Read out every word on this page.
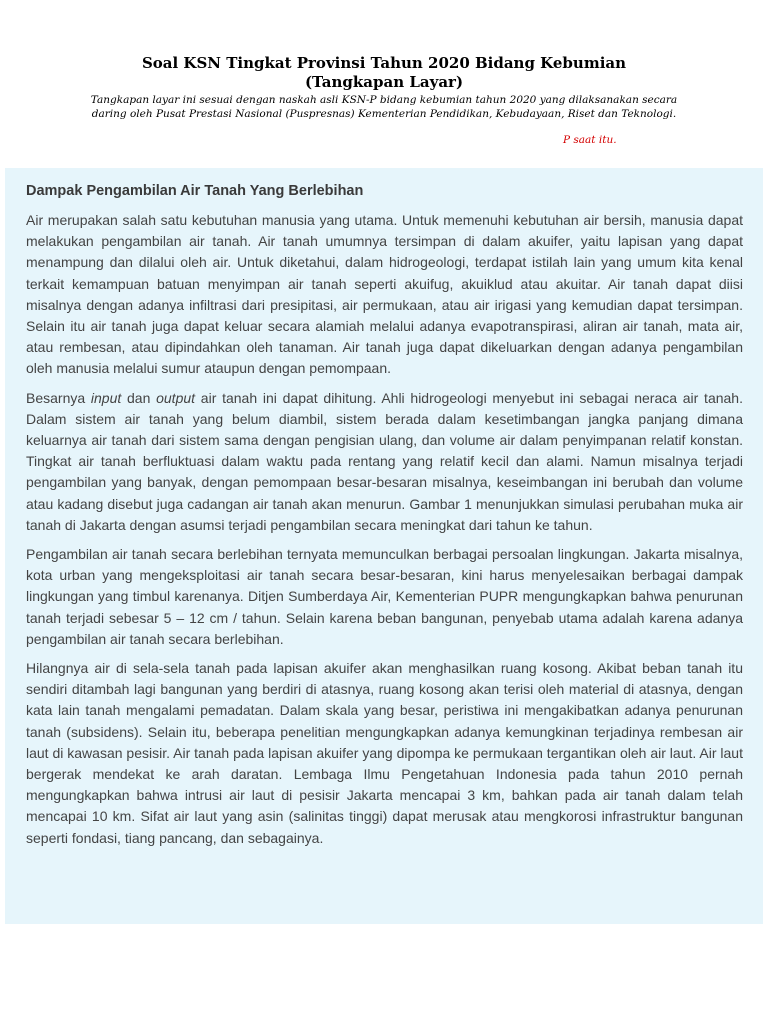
Soal KSN Tingkat Provinsi Tahun 2020 Bidang Kebumian
(Tangkapan Layar)
Tangkapan layar ini sesuai dengan naskah asli KSN-P bidang kebumian tahun 2020 yang dilaksanakan secara
daring oleh Pusat Prestasi Nasional (Puspresnas) Kementerian Pendidikan, Kebudayaan, Riset dan Teknologi.
P saat itu.
Dampak Pengambilan Air Tanah Yang Berlebihan

Air merupakan salah satu kebutuhan manusia yang utama. Untuk memenuhi kebutuhan air bersih, manusia dapat melakukan pengambilan air tanah. Air tanah umumnya tersimpan di dalam akuifer, yaitu lapisan yang dapat menampung dan dilalui oleh air. Untuk diketahui, dalam hidrogeologi, terdapat istilah lain yang umum kita kenal terkait kemampuan batuan menyimpan air tanah seperti akuifug, akuiklud atau akuitar. Air tanah dapat diisi misalnya dengan adanya infiltrasi dari presipitasi, air permukaan, atau air irigasi yang kemudian dapat tersimpan. Selain itu air tanah juga dapat keluar secara alamiah melalui adanya evapotranspirasi, aliran air tanah, mata air, atau rembesan, atau dipindahkan oleh tanaman. Air tanah juga dapat dikeluarkan dengan adanya pengambilan oleh manusia melalui sumur ataupun dengan pemompaan.

Besarnya input dan output air tanah ini dapat dihitung. Ahli hidrogeologi menyebut ini sebagai neraca air tanah. Dalam sistem air tanah yang belum diambil, sistem berada dalam kesetimbangan jangka panjang dimana keluarnya air tanah dari sistem sama dengan pengisian ulang, dan volume air dalam penyimpanan relatif konstan. Tingkat air tanah berfluktuasi dalam waktu pada rentang yang relatif kecil dan alami. Namun misalnya terjadi pengambilan yang banyak, dengan pemompaan besar-besaran misalnya, keseimbangan ini berubah dan volume atau kadang disebut juga cadangan air tanah akan menurun. Gambar 1 menunjukkan simulasi perubahan muka air tanah di Jakarta dengan asumsi terjadi pengambilan secara meningkat dari tahun ke tahun.

Pengambilan air tanah secara berlebihan ternyata memunculkan berbagai persoalan lingkungan. Jakarta misalnya, kota urban yang mengeksploitasi air tanah secara besar-besaran, kini harus menyelesaikan berbagai dampak lingkungan yang timbul karenanya. Ditjen Sumberdaya Air, Kementerian PUPR mengungkapkan bahwa penurunan tanah terjadi sebesar 5 – 12 cm / tahun. Selain karena beban bangunan, penyebab utama adalah karena adanya pengambilan air tanah secara berlebihan.

Hilangnya air di sela-sela tanah pada lapisan akuifer akan menghasilkan ruang kosong. Akibat beban tanah itu sendiri ditambah lagi bangunan yang berdiri di atasnya, ruang kosong akan terisi oleh material di atasnya, dengan kata lain tanah mengalami pemadatan. Dalam skala yang besar, peristiwa ini mengakibatkan adanya penurunan tanah (subsidens). Selain itu, beberapa penelitian mengungkapkan adanya kemungkinan terjadinya rembesan air laut di kawasan pesisir. Air tanah pada lapisan akuifer yang dipompa ke permukaan tergantikan oleh air laut. Air laut bergerak mendekat ke arah daratan. Lembaga Ilmu Pengetahuan Indonesia pada tahun 2010 pernah mengungkapkan bahwa intrusi air laut di pesisir Jakarta mencapai 3 km, bahkan pada air tanah dalam telah mencapai 10 km. Sifat air laut yang asin (salinitas tinggi) dapat merusak atau mengkorosi infrastruktur bangunan seperti fondasi, tiang pancang, dan sebagainya.
